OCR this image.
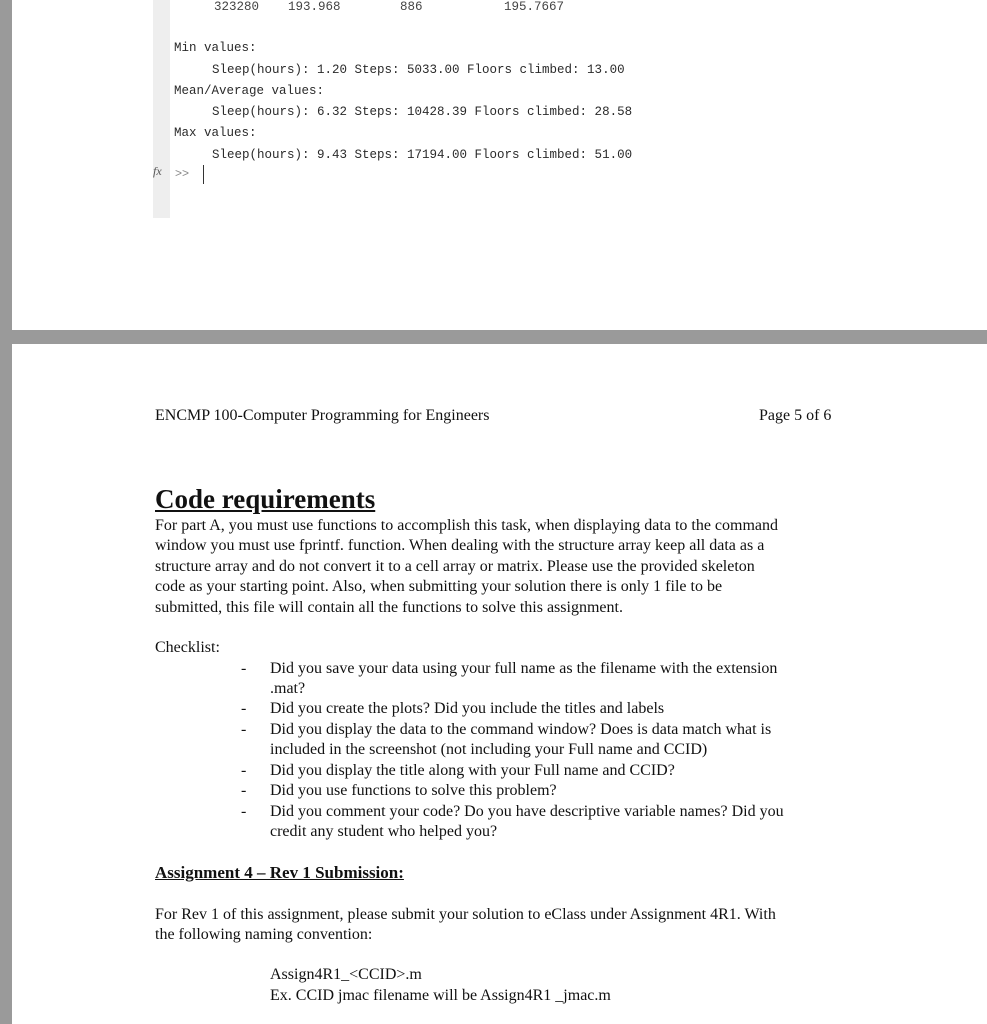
323280 193.968	886	195.7667
Min values:
Sleep(hours): 1.20 Steps: 5033.00 Floors climbed: 13.00
Mean/Average values:
Sleep(hours): 6.32 Steps: 10428.39 Floors climbed: 28.58
Max values:
Sleep(hours): 9.43 Steps: 17194.00 Floors climbed: 51.00
fx >>
ENCMP 100-Computer Programming for Engineers	Page 5 of 6
Code requirements
For part A, you must use functions to accomplish this task, when displaying data to the command
window you must use fprintf. function. When dealing with the structure array keep all data as a
structure array and do not convert it to a cell array or matrix. Please use the provided skeleton
code as your starting point. Also, when submitting your solution there is only 1 file to be
submitted, this file will contain all the functions to solve this assignment.
Checklist:
- Did you save your data using your full name as the filename with the extension
.mat?
- Did you create the plots? Did you include the titles and labels
- Did you display the data to the command window? Does is data match what is
included in the screenshot (not including your Full name and CCID)
- Did you display the title along with your Full name and CCID?
- Did you use functions to solve this problem?
- Did you comment your code? Do you have descriptive variable names? Did you
credit any student who helped you?
Assignment 4 – Rev 1 Submission:
For Rev 1 of this assignment, please submit your solution to eClass under Assignment 4R1. With
the following naming convention:
Assign4R1_<CCID>.m
Ex. CCID jmac filename will be Assign4R1 _jmac.m
